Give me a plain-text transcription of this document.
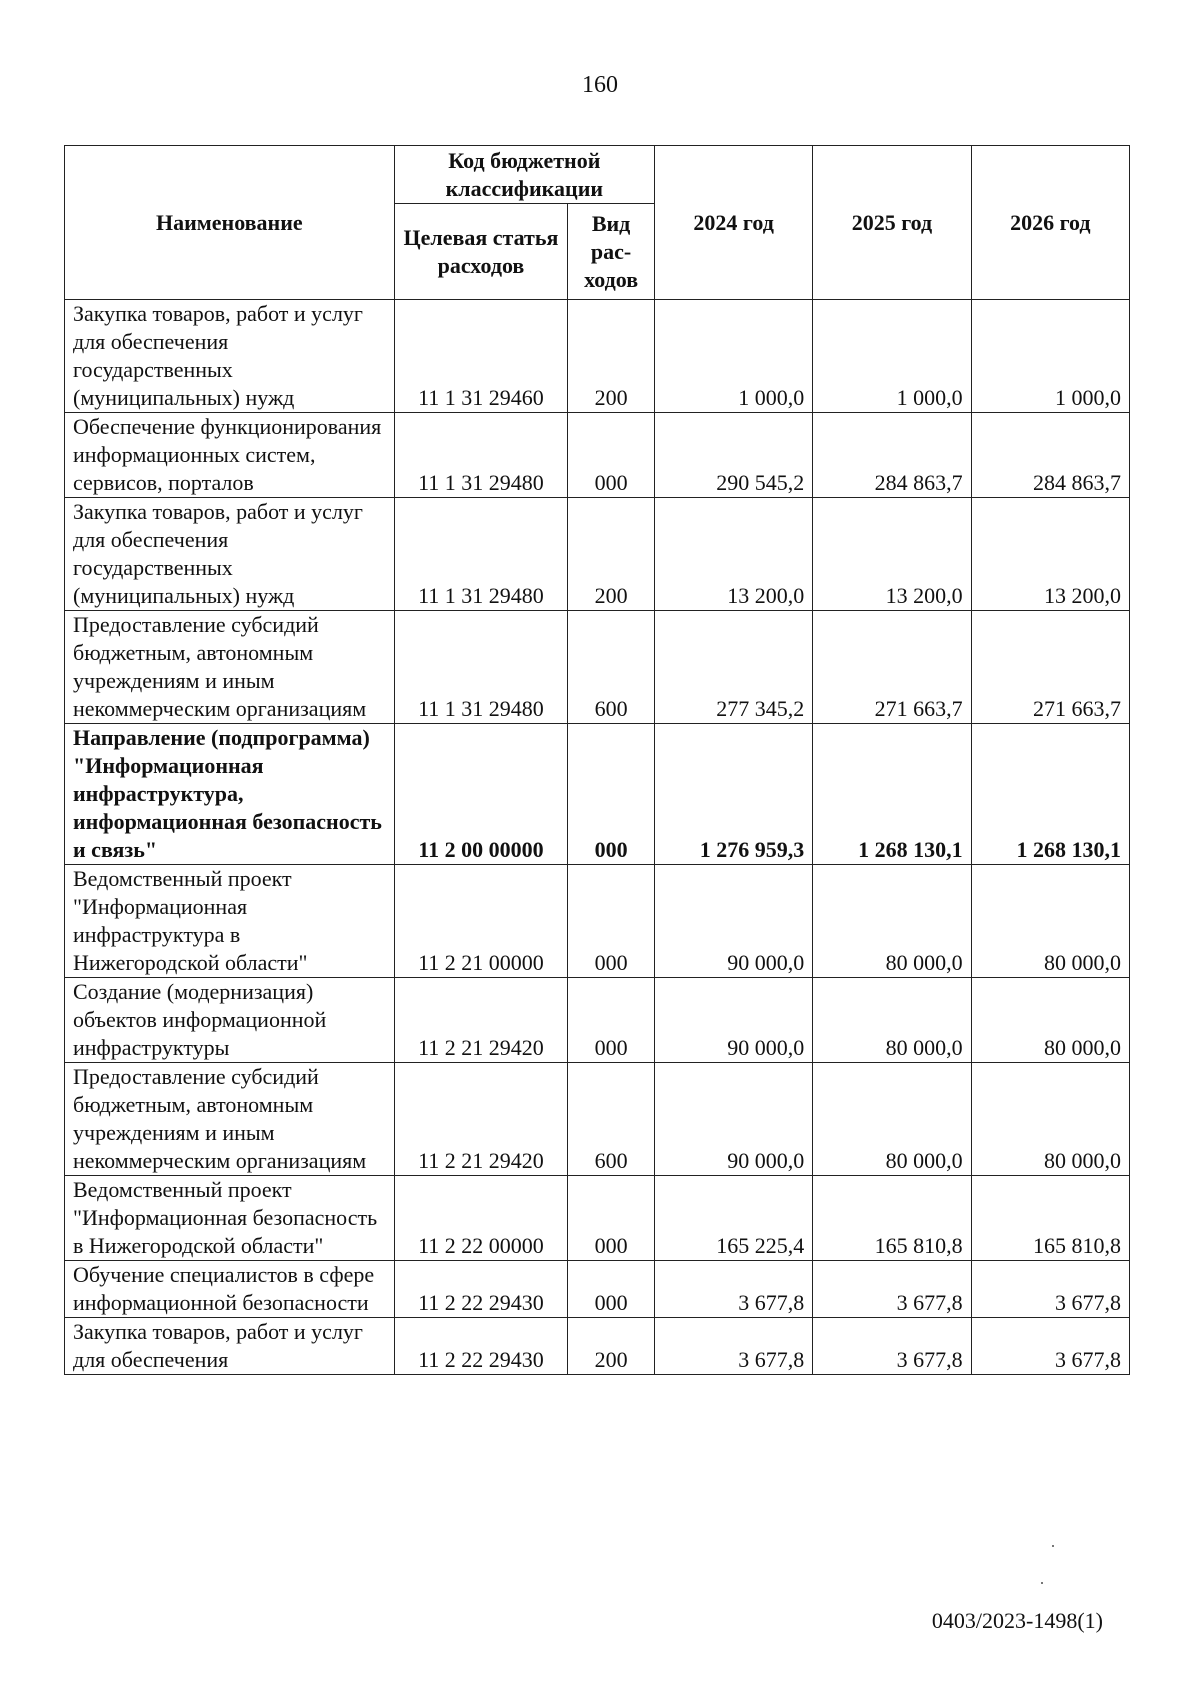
160
Наименование	Код бюджетной классификации		2024 год	2025 год	2026 год
	Целевая статья расходов	Вид рас-ходов			
Закупка товаров, работ и услуг для обеспечения государственных (муниципальных) нужд	11 1 31 29460	200	1 000,0	1 000,0	1 000,0
Обеспечение функционирования информационных систем, сервисов, порталов	11 1 31 29480	000	290 545,2	284 863,7	284 863,7
Закупка товаров, работ и услуг для обеспечения государственных (муниципальных) нужд	11 1 31 29480	200	13 200,0	13 200,0	13 200,0
Предоставление субсидий бюджетным, автономным учреждениям и иным некоммерческим организациям	11 1 31 29480	600	277 345,2	271 663,7	271 663,7
Направление (подпрограмма) "Информационная инфраструктура, информационная безопасность и связь"	11 2 00 00000	000	1 276 959,3	1 268 130,1	1 268 130,1
Ведомственный проект "Информационная инфраструктура в Нижегородской области"	11 2 21 00000	000	90 000,0	80 000,0	80 000,0
Создание (модернизация) объектов информационной инфраструктуры	11 2 21 29420	000	90 000,0	80 000,0	80 000,0
Предоставление субсидий бюджетным, автономным учреждениям и иным некоммерческим организациям	11 2 21 29420	600	90 000,0	80 000,0	80 000,0
Ведомственный проект "Информационная безопасность в Нижегородской области"	11 2 22 00000	000	165 225,4	165 810,8	165 810,8
Обучение специалистов в сфере информационной безопасности	11 2 22 29430	000	3 677,8	3 677,8	3 677,8
Закупка товаров, работ и услуг для обеспечения	11 2 22 29430	200	3 677,8	3 677,8	3 677,8
0403/2023-1498(1)
